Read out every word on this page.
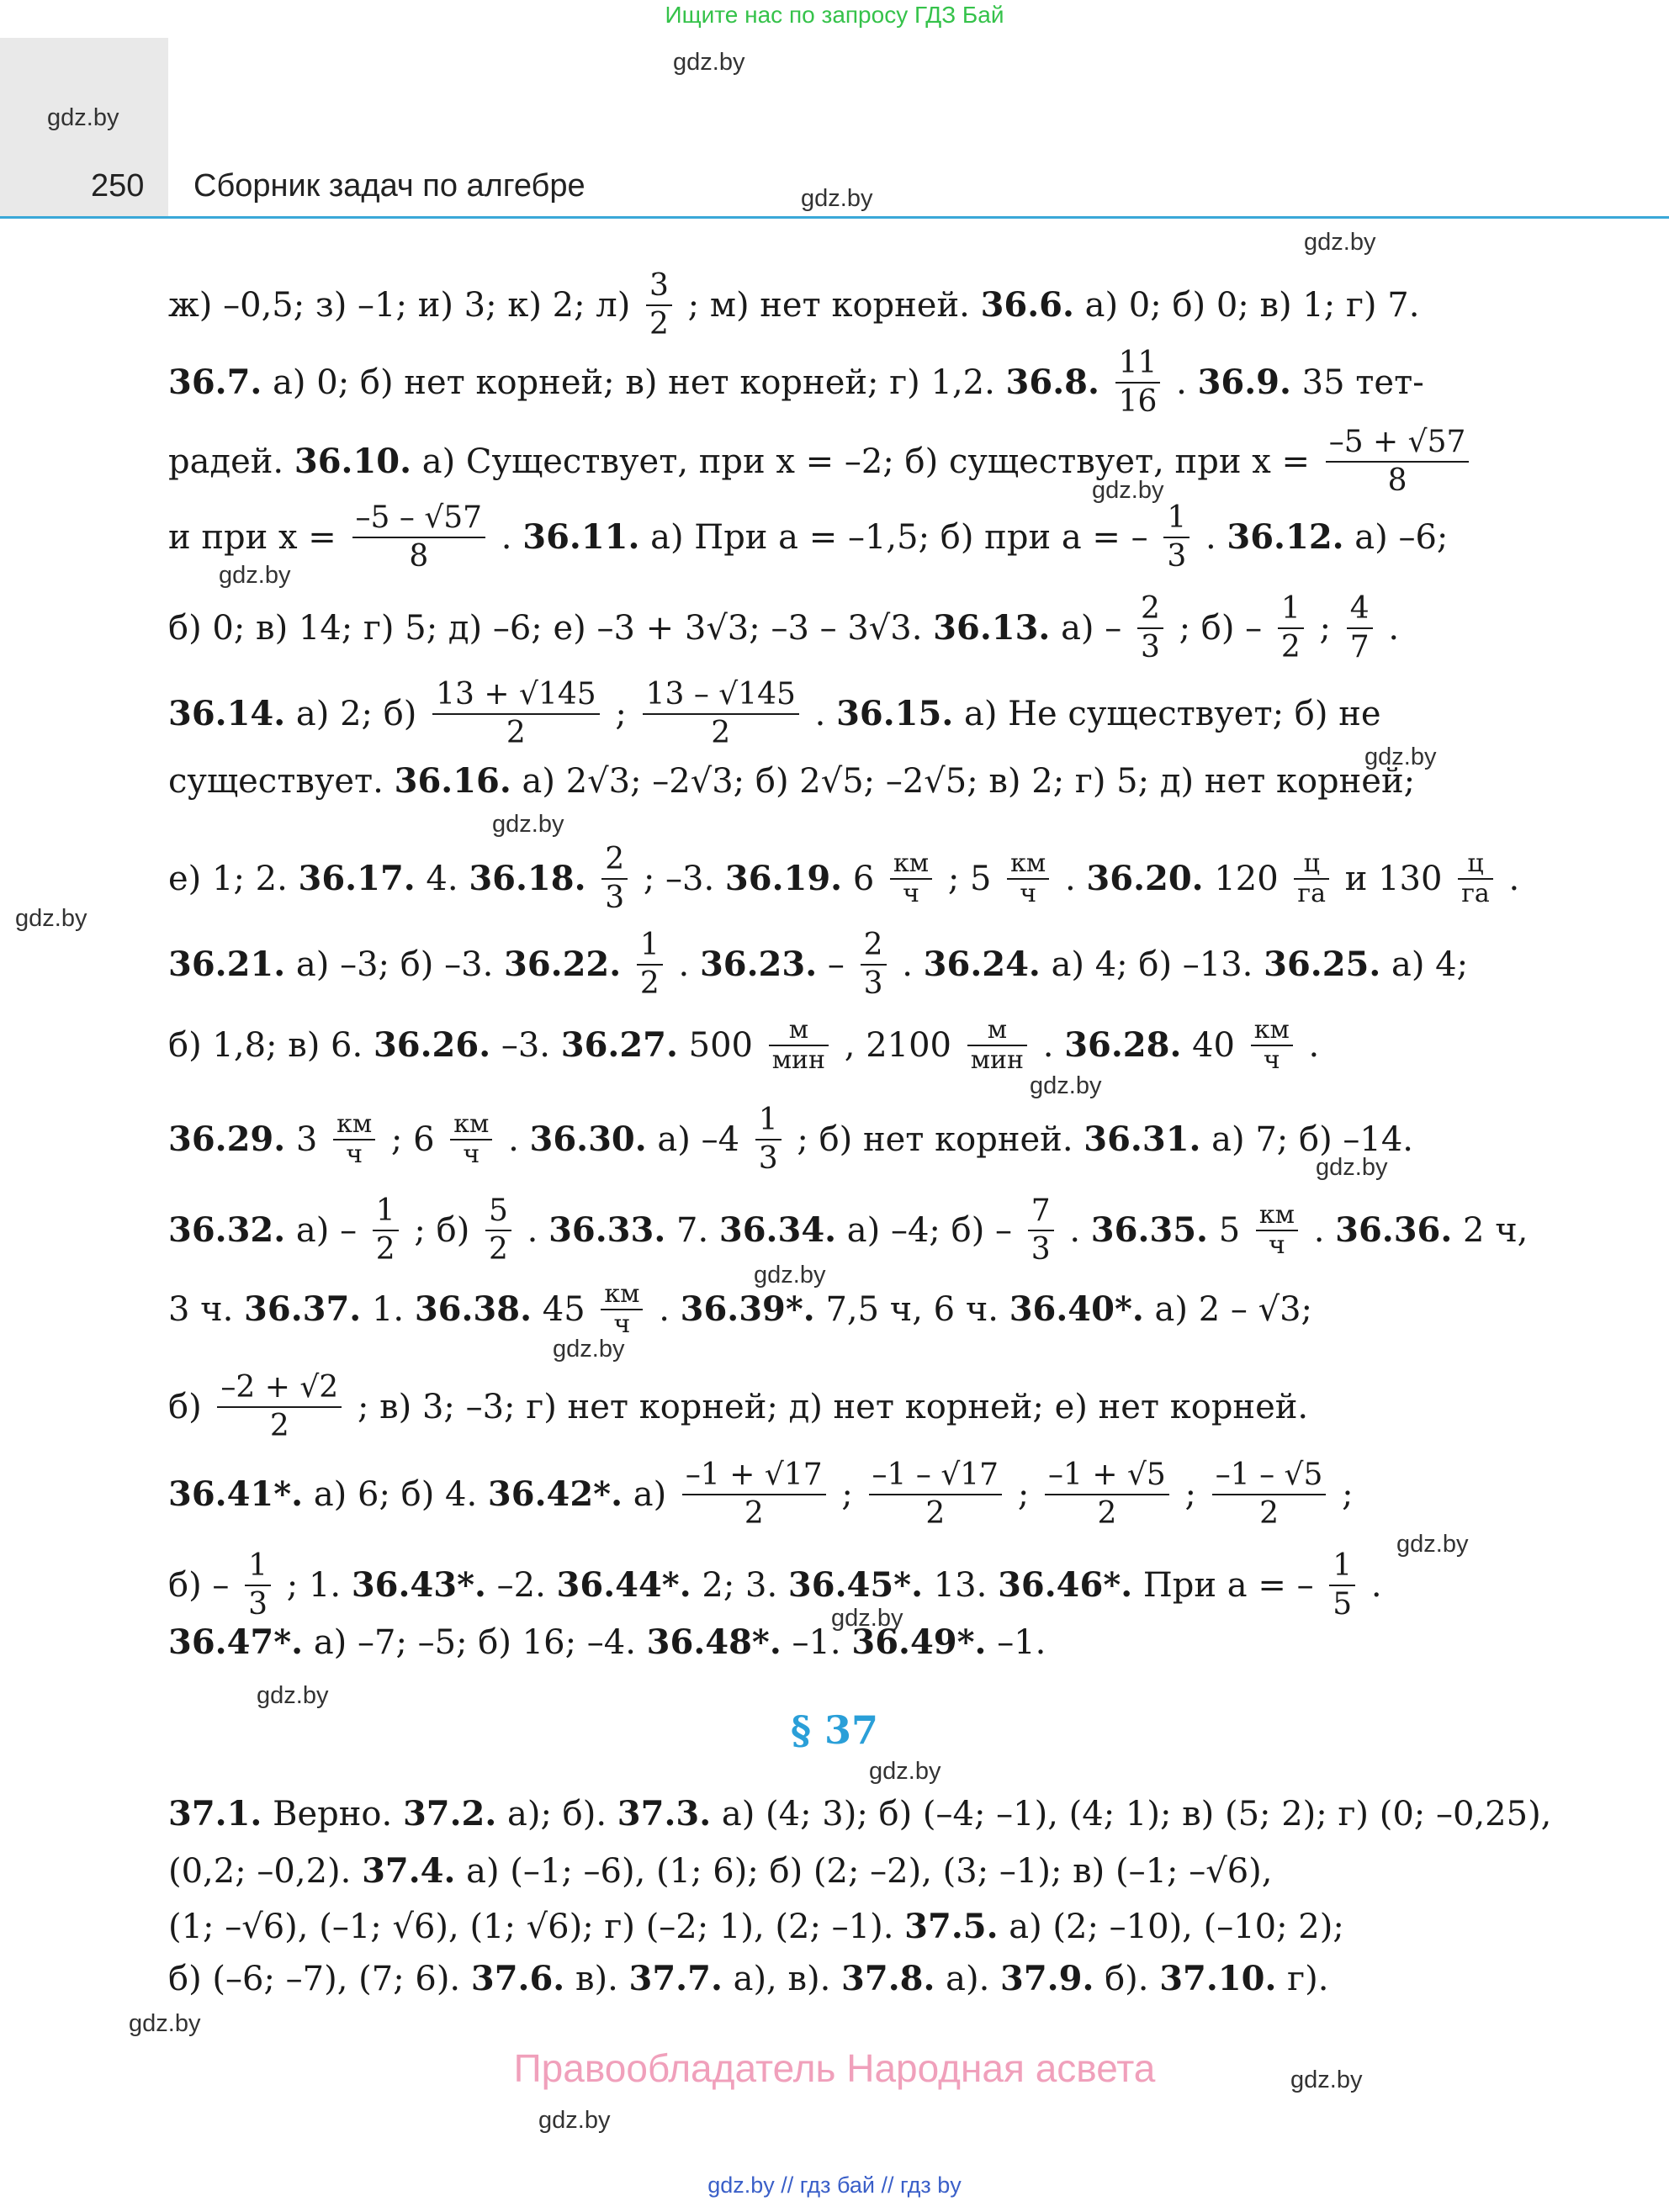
Ищите нас по запросу ГДЗ Бай
250 Сборник задач по алгебре
gdz.by
gdz.by
gdz.by
gdz.by
gdz.by
gdz.by
gdz.by
gdz.by
gdz.by
gdz.by
gdz.by
gdz.by
gdz.by
gdz.by
gdz.by
gdz.by
gdz.by
gdz.by
gdz.by
gdz.by
ж) –0,5; з) –1; и) 3; к) 2; $л) \frac{3}{2}$ ; м) нет корней. 36.6. а) 0; б) 0; в) 1; г) 7.
36.7. а) 0; б) нет корней; в) нет корней; г) 1,2. 36.8. $\frac{11}{16}$ . 36.9. 35 тет-
радей. 36.10. а) Существует, при x = –2; б) существует, при $x = \frac{-5 + √57}{8}$
и при $x = \frac{-5 - √57}{8}$ . 36.11. а) При a = –1,5; б) при a = – $\frac{1}{3}$ . 36.12. а) –6;
б) 0; в) 14; г) 5; д) –6; е) –3 + 3√3; –3 – 3√3. 36.13. $а) - \frac{2}{3}$ ; $б) - \frac{1}{2}$ ; $\frac{4}{7}$ .
36.14. а) 2; $б) \frac{13 + √145}{2}$ ; $\frac{13 - √145}{2}$ . 36.15. а) Не существует; б) не
существует. 36.16. а) 2√3; –2√3; б) 2√5; –2√5; в) 2; г) 5; д) нет корней;
е) 1; 2. 36.17. 4. 36.18. $\frac{2}{3}$ ; –3. 36.19. $6 \frac{км}{ч}$ ; $5 \frac{км}{ч}$ . 36.20. $120 \frac{ц}{га}$ и $130 \frac{ц}{га}$ .
36.21. а) –3; б) –3. 36.22. $\frac{1}{2}$ . 36.23. – $\frac{2}{3}$ . 36.24. а) 4; б) –13. 36.25. а) 4;
б) 1,8; в) 6. 36.26. –3. 36.27. $500 \frac{м}{\text{мин}}$ , $2100 \frac{м}{\text{мин}}$ . 36.28. $40 \frac{км}{ч}$ .
36.29. $3 \frac{км}{ч}$ ; $6 \frac{км}{ч}$ . 36.30. а) $-4 \frac{1}{3}$ ; б) нет корней. 36.31. а) 7; б) –14.
36.32. $а) - \frac{1}{2}$ ; $б) \frac{5}{2}$ . 36.33. 7. 36.34. а) –4; $б) - \frac{7}{3}$ . 36.35. $5 \frac{км}{ч}$ . 36.36. 2 ч,
3 ч. 36.37. 1. 36.38. $45 \frac{км}{ч}$ . 36.39*. 7,5 ч, 6 ч. 36.40*. а) 2 – √3;
$б) \frac{-2 + √2}{2}$ ; в) 3; –3; г) нет корней; д) нет корней; е) нет корней.
36.41*. а) 6; б) 4. 36.42*. $а) \frac{-1 + √17}{2}$ ; $\frac{-1 - √17}{2}$ ; $\frac{-1 + √5}{2}$ ; $\frac{-1 - √5}{2}$ ;
$б) - \frac{1}{3}$ ; 1. 36.43*. –2. 36.44*. 2; 3. 36.45*. 13. 36.46*. При a = – $\frac{1}{5}$ .
36.47*. а) –7; –5; б) 16; –4. 36.48*. –1. 36.49*. –1.
37.1. Верно. 37.2. а); б). 37.3. а) (4; 3); б) (–4; –1), (4; 1); в) (5; 2); г) (0; –0,25),
(0,2; –0,2). 37.4. а) (–1; –6), (1; 6); б) (2; –2), (3; –1); в) (–1; –√6),
(1; –√6), (–1; √6), (1; √6); г) (–2; 1), (2; –1). 37.5. а) (2; –10), (–10; 2);
б) (–6; –7), (7; 6). 37.6. в). 37.7. а), в). 37.8. а). 37.9. б). 37.10. г).
§ 37
Правообладатель Народная асвета
gdz.by // гдз бай // гдз by
